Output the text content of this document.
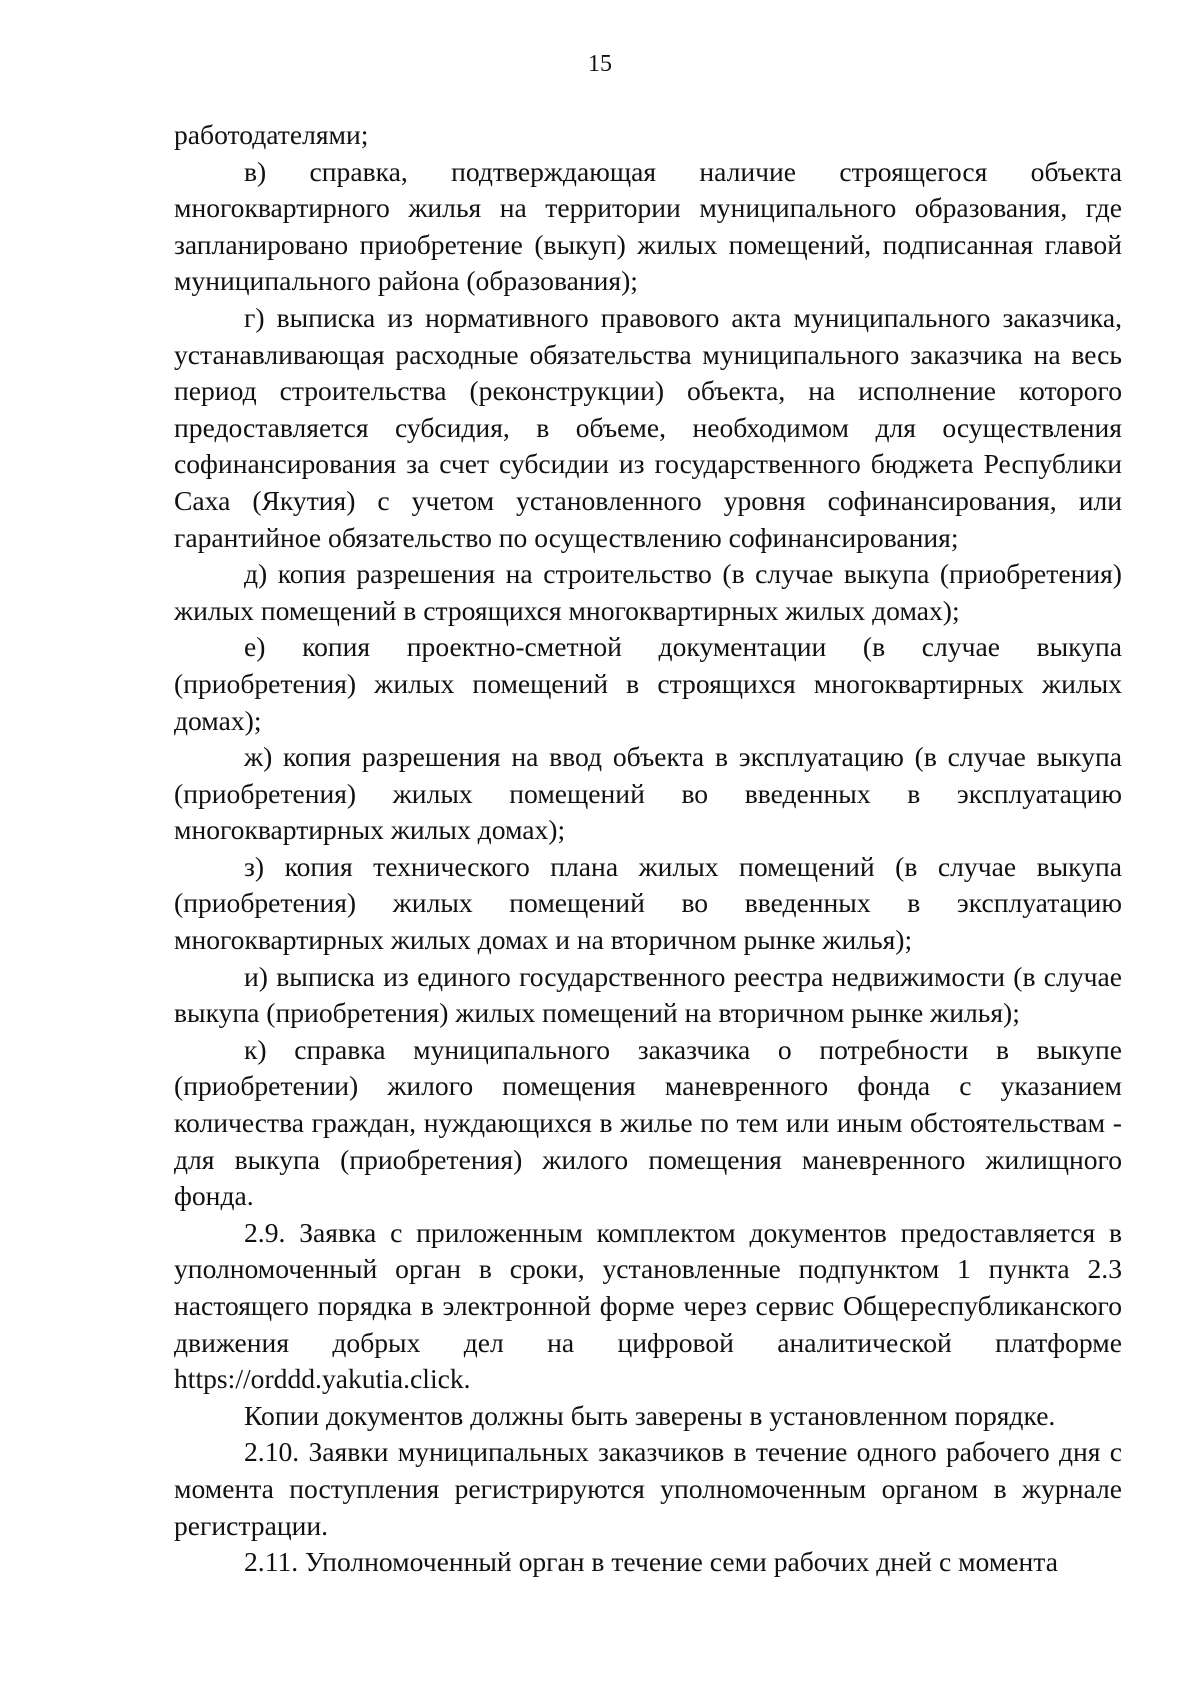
15

работодателями;

в) справка, подтверждающая наличие строящегося объекта многоквартирного жилья на территории муниципального образования, где запланировано приобретение (выкуп) жилых помещений, подписанная главой муниципального района (образования);

г) выписка из нормативного правового акта муниципального заказчика, устанавливающая расходные обязательства муниципального заказчика на весь период строительства (реконструкции) объекта, на исполнение которого предоставляется субсидия, в объеме, необходимом для осуществления софинансирования за счет субсидии из государственного бюджета Республики Саха (Якутия) с учетом установленного уровня софинансирования, или гарантийное обязательство по осуществлению софинансирования;

д) копия разрешения на строительство (в случае выкупа (приобретения) жилых помещений в строящихся многоквартирных жилых домах);

е) копия проектно-сметной документации (в случае выкупа (приобретения) жилых помещений в строящихся многоквартирных жилых домах);

ж) копия разрешения на ввод объекта в эксплуатацию (в случае выкупа (приобретения) жилых помещений во введенных в эксплуатацию многоквартирных жилых домах);

з) копия технического плана жилых помещений (в случае выкупа (приобретения) жилых помещений во введенных в эксплуатацию многоквартирных жилых домах и на вторичном рынке жилья);

и) выписка из единого государственного реестра недвижимости (в случае выкупа (приобретения) жилых помещений на вторичном рынке жилья);

к) справка муниципального заказчика о потребности в выкупе (приобретении) жилого помещения маневренного фонда с указанием количества граждан, нуждающихся в жилье по тем или иным обстоятельствам - для выкупа (приобретения) жилого помещения маневренного жилищного фонда.

2.9. Заявка с приложенным комплектом документов предоставляется в уполномоченный орган в сроки, установленные подпунктом 1 пункта 2.3 настоящего порядка в электронной форме через сервис Общереспубликанского движения добрых дел на цифровой аналитической платформе https://orddd.yakutia.click.

Копии документов должны быть заверены в установленном порядке.

2.10. Заявки муниципальных заказчиков в течение одного рабочего дня с момента поступления регистрируются уполномоченным органом в журнале регистрации.

2.11. Уполномоченный орган в течение семи рабочих дней с момента
